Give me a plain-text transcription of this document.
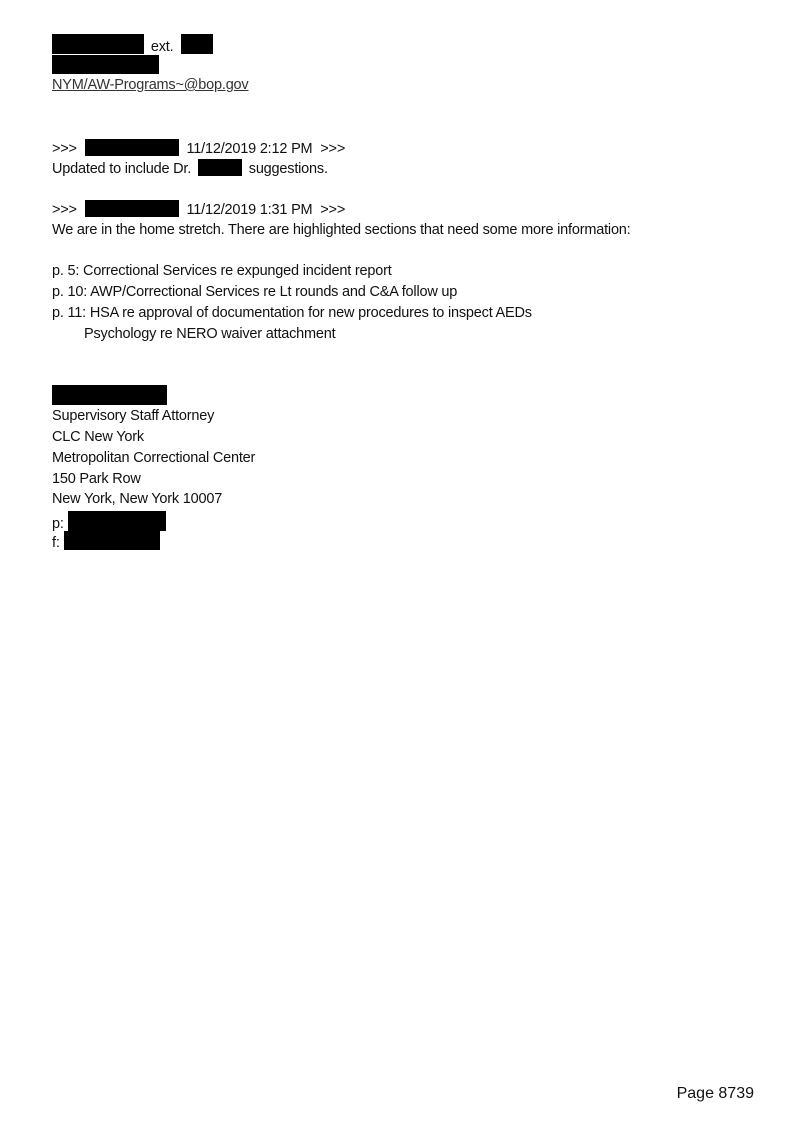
ext.
NYM/AW-Programs~@bop.gov
>>>	11/12/2019 2:12 PM >>>
Updated to include Dr.	suggestions.
>>>	11/12/2019 1:31 PM >>>
We are in the home stretch. There are highlighted sections that need some more information:
p. 5: Correctional Services re expunged incident report
p. 10: AWP/Correctional Services re Lt rounds and C&A follow up
p. 11: HSA re approval of documentation for new procedures to inspect AEDs
Psychology re NERO waiver attachment
Supervisory Staff Attorney
CLC New York
Metropolitan Correctional Center
150 Park Row
New York, New York 10007
p:
f:
Page 8739
